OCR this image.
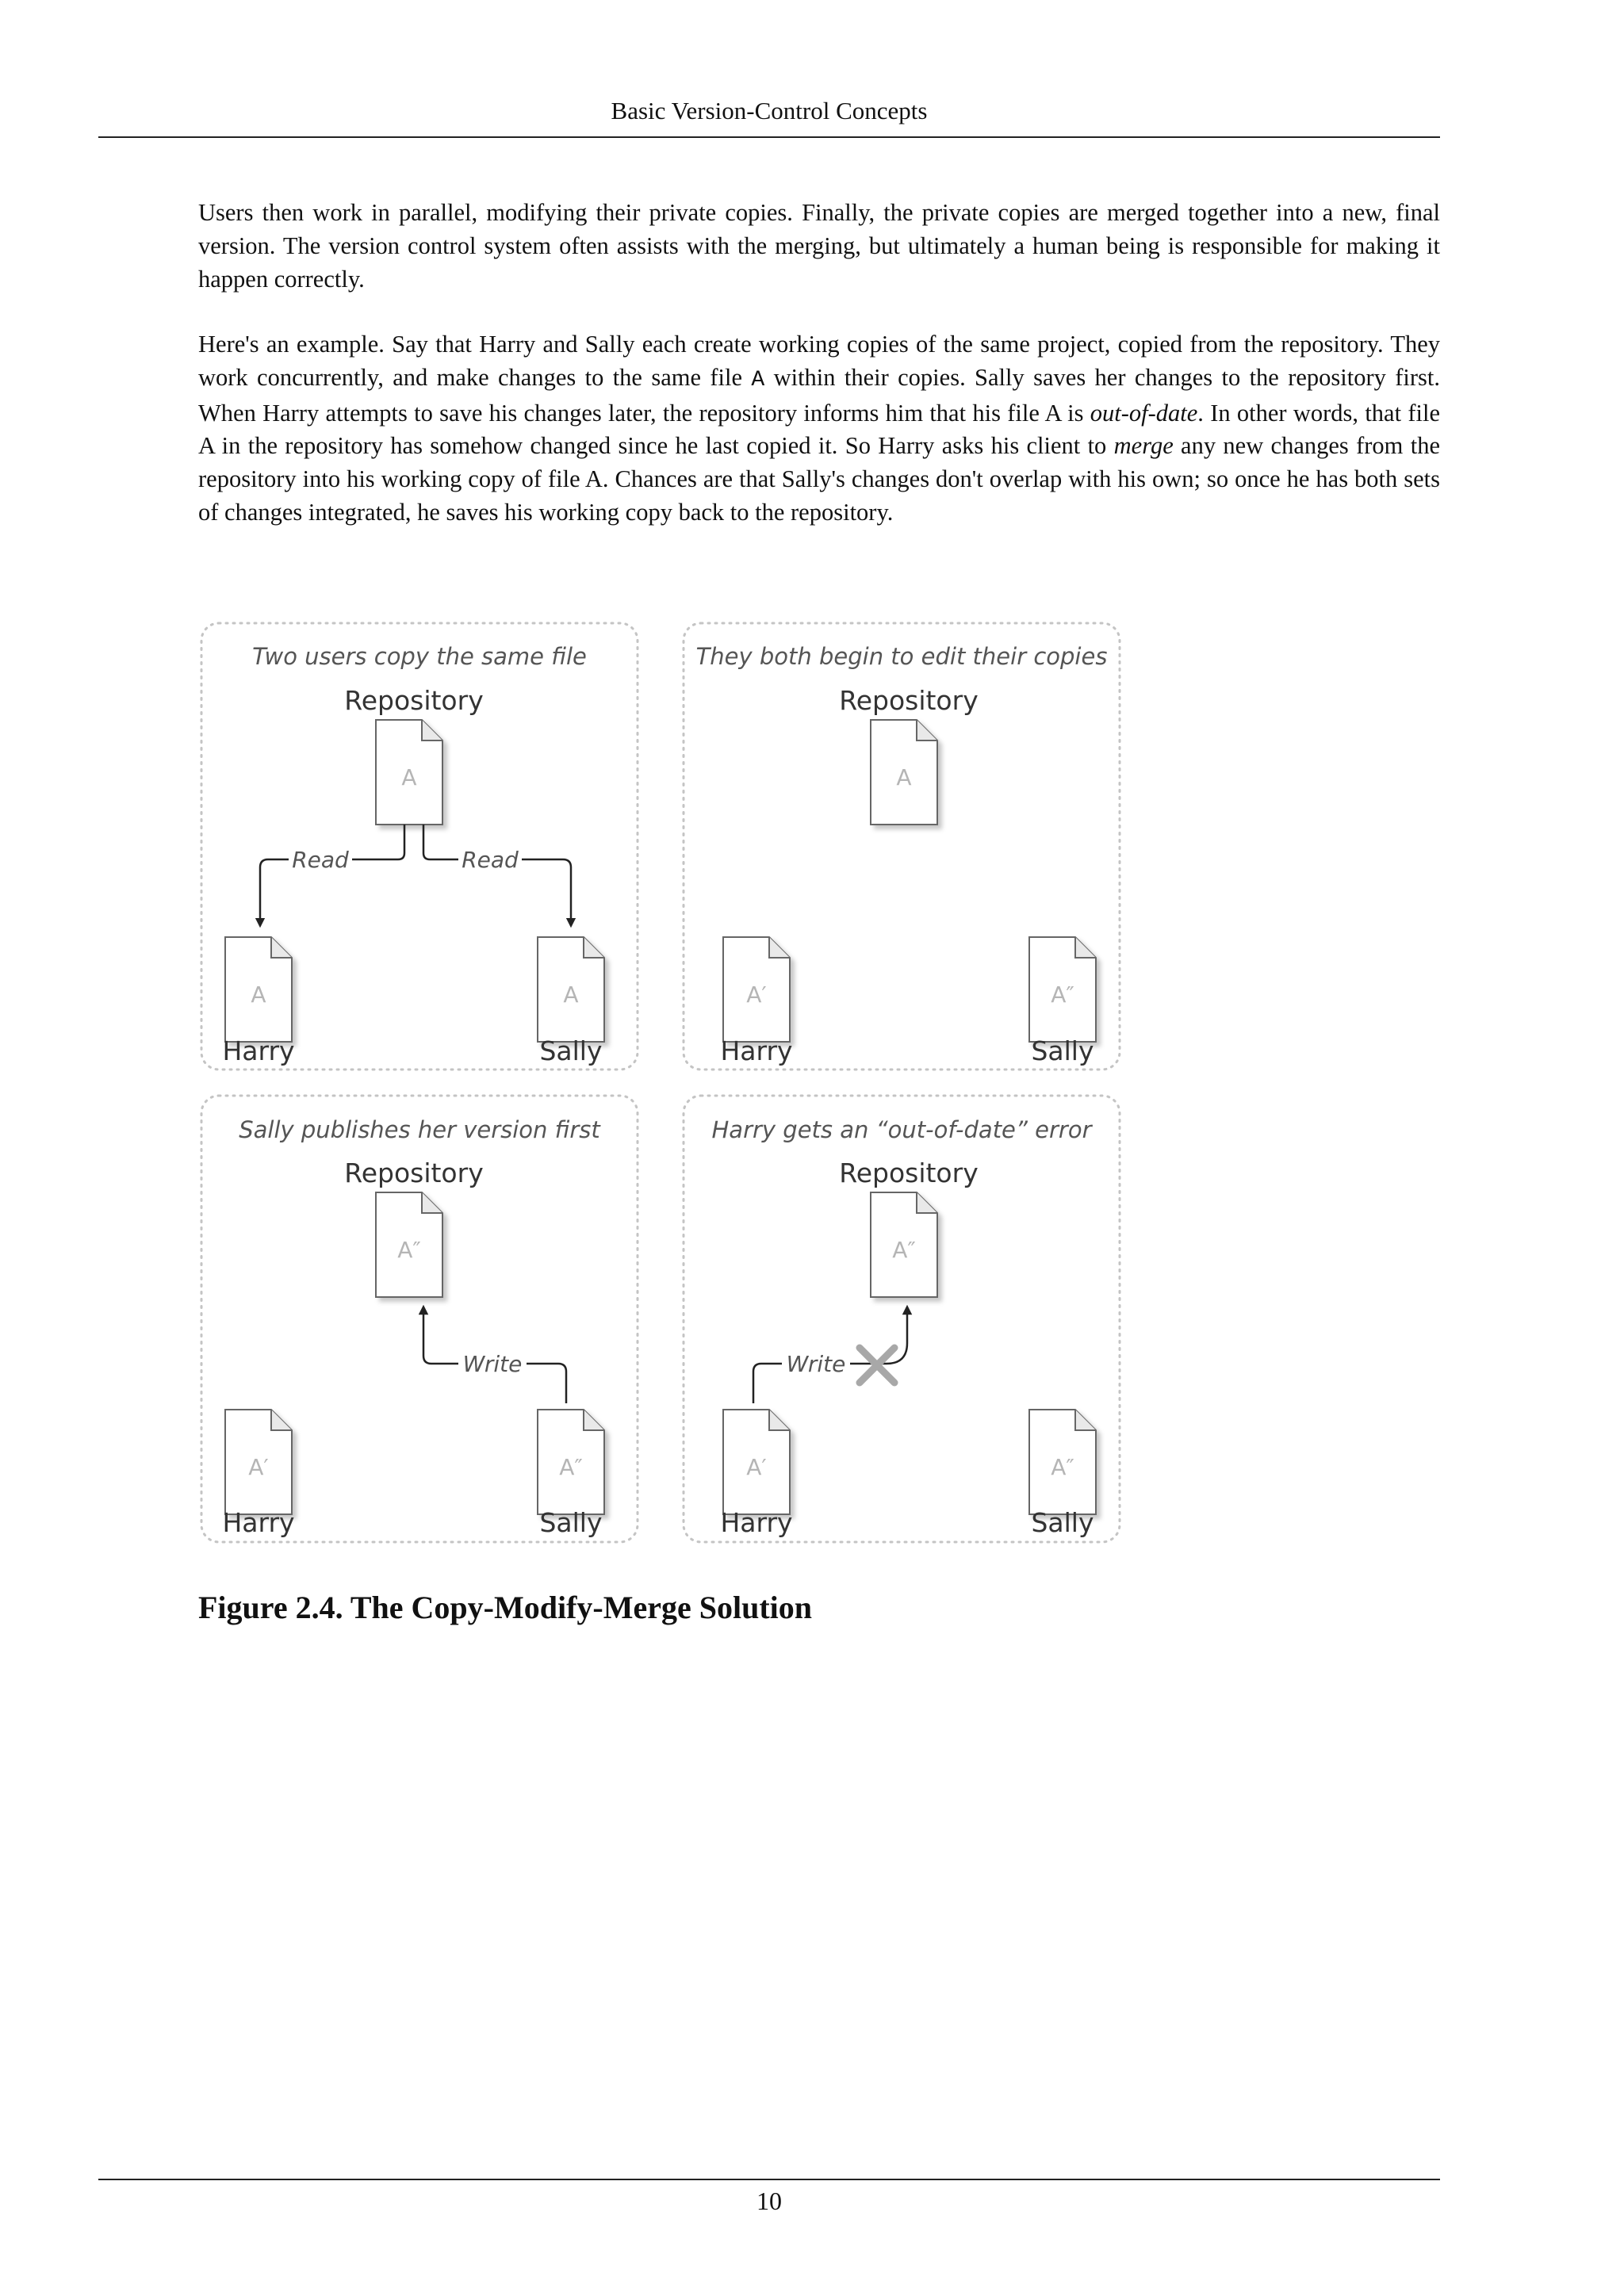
Basic Version-Control Concepts

Users then work in parallel, modifying their private copies. Finally, the private copies are merged together into a new, final version. The version control system often assists with the merging, but ultimately a human being is responsible for making it happen correctly.

Here's an example. Say that Harry and Sally each create working copies of the same project, copied from the repository. They work concurrently, and make changes to the same file A within their copies. Sally saves her changes to the repository first. When Harry attempts to save his changes later, the repository informs him that his file A is out-of-date. In other words, that file A in the repository has somehow changed since he last copied it. So Harry asks his client to merge any new changes from the repository into his working copy of file A. Chances are that Sally's changes don't overlap with his own; so once he has both sets of changes integrated, he saves his working copy back to the repository.

Two users copy the same file
Repository
A
Read	Read
A	A
Harry	Sally
They both begin to edit their copies
Repository
A
A′	A″
Harry	Sally
Sally publishes her version first
Repository
A″
Write
A′	A″
Harry	Sally
Harry gets an “out-of-date” error
Repository
A″
Write
A′	A″
Harry	Sally
Figure 2.4. The Copy-Modify-Merge Solution
10
